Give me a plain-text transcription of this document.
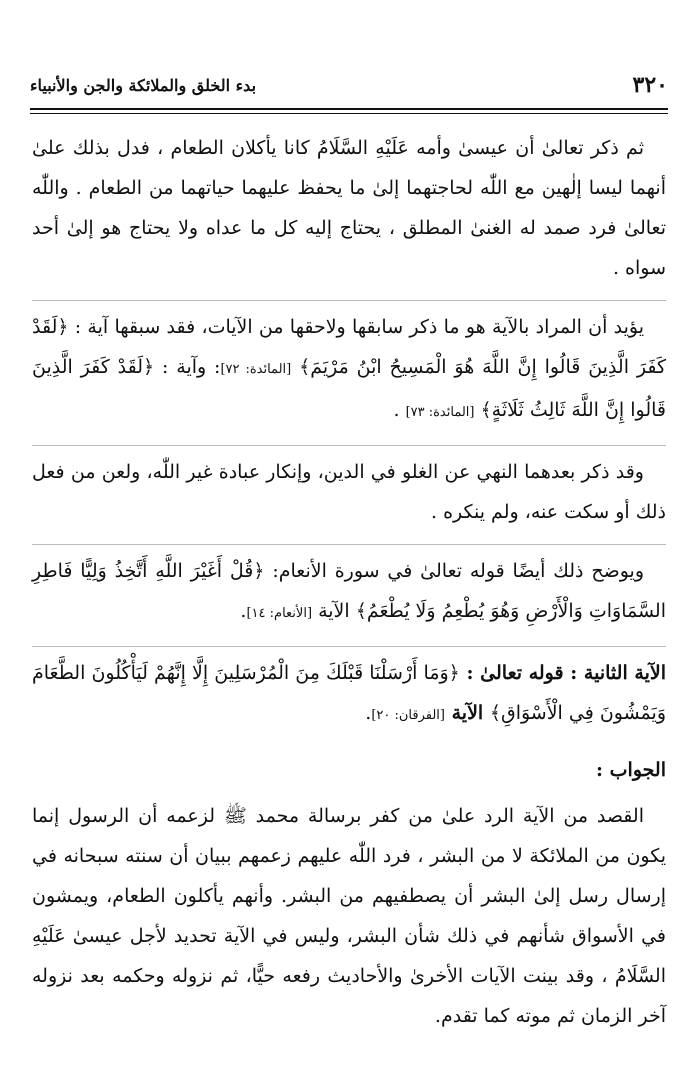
٣٢٠
بدء الخلق والملائكة والجن والأنبياء

ثم ذكر تعالىٰ أن عيسىٰ وأمه عَلَيْهِ السَّلَامُ كانا يأكلان الطعام ، فدل بذلك علىٰ أنهما ليسا إلٰهين مع اللّٰه لحاجتهما إلىٰ ما يحفظ عليهما حياتهما من الطعام . واللّٰه تعالىٰ فرد صمد له الغنىٰ المطلق ، يحتاج إليه كل ما عداه ولا يحتاج هو إلىٰ أحد سواه .

يؤيد أن المراد بالآية هو ما ذكر سابقها ولاحقها من الآيات، فقد سبقها آية : ﴿لَقَدْ كَفَرَ الَّذِينَ قَالُوا إِنَّ اللَّهَ هُوَ الْمَسِيحُ ابْنُ مَرْيَمَ﴾ [المائدة: ٧٢]: وآية : ﴿لَقَدْ كَفَرَ الَّذِينَ قَالُوا إِنَّ اللَّهَ ثَالِثُ ثَلَاثَةٍ﴾ [المائدة: ٧٣] .

وقد ذكر بعدهما النهي عن الغلو في الدين، وإنكار عبادة غير اللّٰه، ولعن من فعل ذلك أو سكت عنه، ولم ينكره .

ويوضح ذلك أيضًا قوله تعالىٰ في سورة الأنعام: ﴿قُلْ أَغَيْرَ اللَّهِ أَتَّخِذُ وَلِيًّا فَاطِرِ السَّمَاوَاتِ وَالْأَرْضِ وَهُوَ يُطْعِمُ وَلَا يُطْعَمُ﴾ الآية [الأنعام: ١٤].

الآية الثانية : قوله تعالىٰ : ﴿وَمَا أَرْسَلْنَا قَبْلَكَ مِنَ الْمُرْسَلِينَ إِلَّا إِنَّهُمْ لَيَأْكُلُونَ الطَّعَامَ وَيَمْشُونَ فِي الْأَسْوَاقِ﴾ الآية [الفرقان: ٢٠].

الجواب :

القصد من الآية الرد علىٰ من كفر برسالة محمد ﷺ لزعمه أن الرسول إنما يكون من الملائكة لا من البشر ، فرد اللّٰه عليهم زعمهم ببيان أن سنته سبحانه في إرسال رسل إلىٰ البشر أن يصطفيهم من البشر. وأنهم يأكلون الطعام، ويمشون في الأسواق شأنهم في ذلك شأن البشر، وليس في الآية تحديد لأجل عيسىٰ عَلَيْهِ السَّلَامُ ، وقد بينت الآيات الأخرىٰ والأحاديث رفعه حيًّا، ثم نزوله وحكمه بعد نزوله آخر الزمان ثم موته كما تقدم.
